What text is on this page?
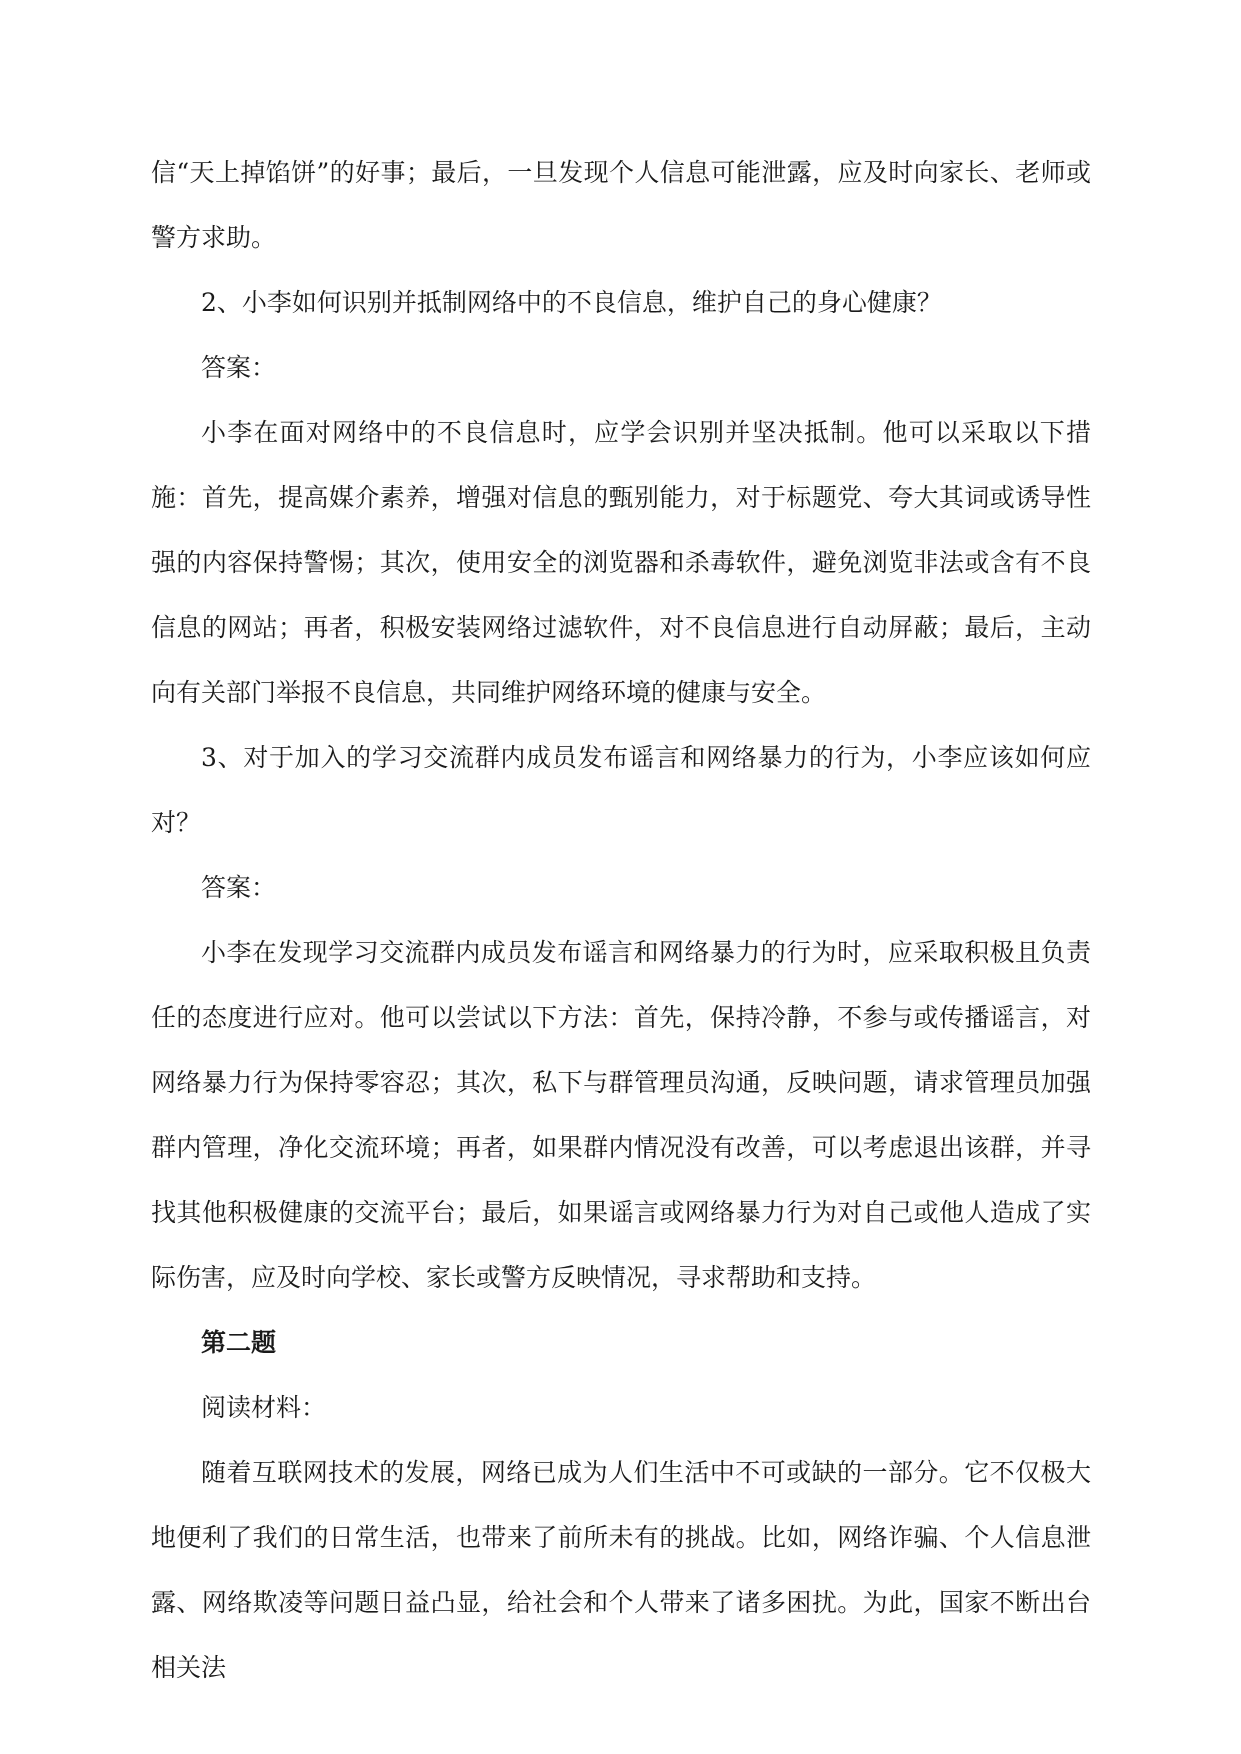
信“天上掉馅饼”的好事；最后，一旦发现个人信息可能泄露，应及时向家长、老师或警方求助。

2、小李如何识别并抵制网络中的不良信息，维护自己的身心健康？

答案：

小李在面对网络中的不良信息时，应学会识别并坚决抵制。他可以采取以下措施：首先，提高媒介素养，增强对信息的甄别能力，对于标题党、夸大其词或诱导性强的内容保持警惕；其次，使用安全的浏览器和杀毒软件，避免浏览非法或含有不良信息的网站；再者，积极安装网络过滤软件，对不良信息进行自动屏蔽；最后，主动向有关部门举报不良信息，共同维护网络环境的健康与安全。

3、对于加入的学习交流群内成员发布谣言和网络暴力的行为，小李应该如何应对？

答案：

小李在发现学习交流群内成员发布谣言和网络暴力的行为时，应采取积极且负责任的态度进行应对。他可以尝试以下方法：首先，保持冷静，不参与或传播谣言，对网络暴力行为保持零容忍；其次，私下与群管理员沟通，反映问题，请求管理员加强群内管理，净化交流环境；再者，如果群内情况没有改善，可以考虑退出该群，并寻找其他积极健康的交流平台；最后，如果谣言或网络暴力行为对自己或他人造成了实际伤害，应及时向学校、家长或警方反映情况，寻求帮助和支持。

第二题

阅读材料：

随着互联网技术的发展，网络已成为人们生活中不可或缺的一部分。它不仅极大地便利了我们的日常生活，也带来了前所未有的挑战。比如，网络诈骗、个人信息泄露、网络欺凌等问题日益凸显，给社会和个人带来了诸多困扰。为此，国家不断出台相关法
